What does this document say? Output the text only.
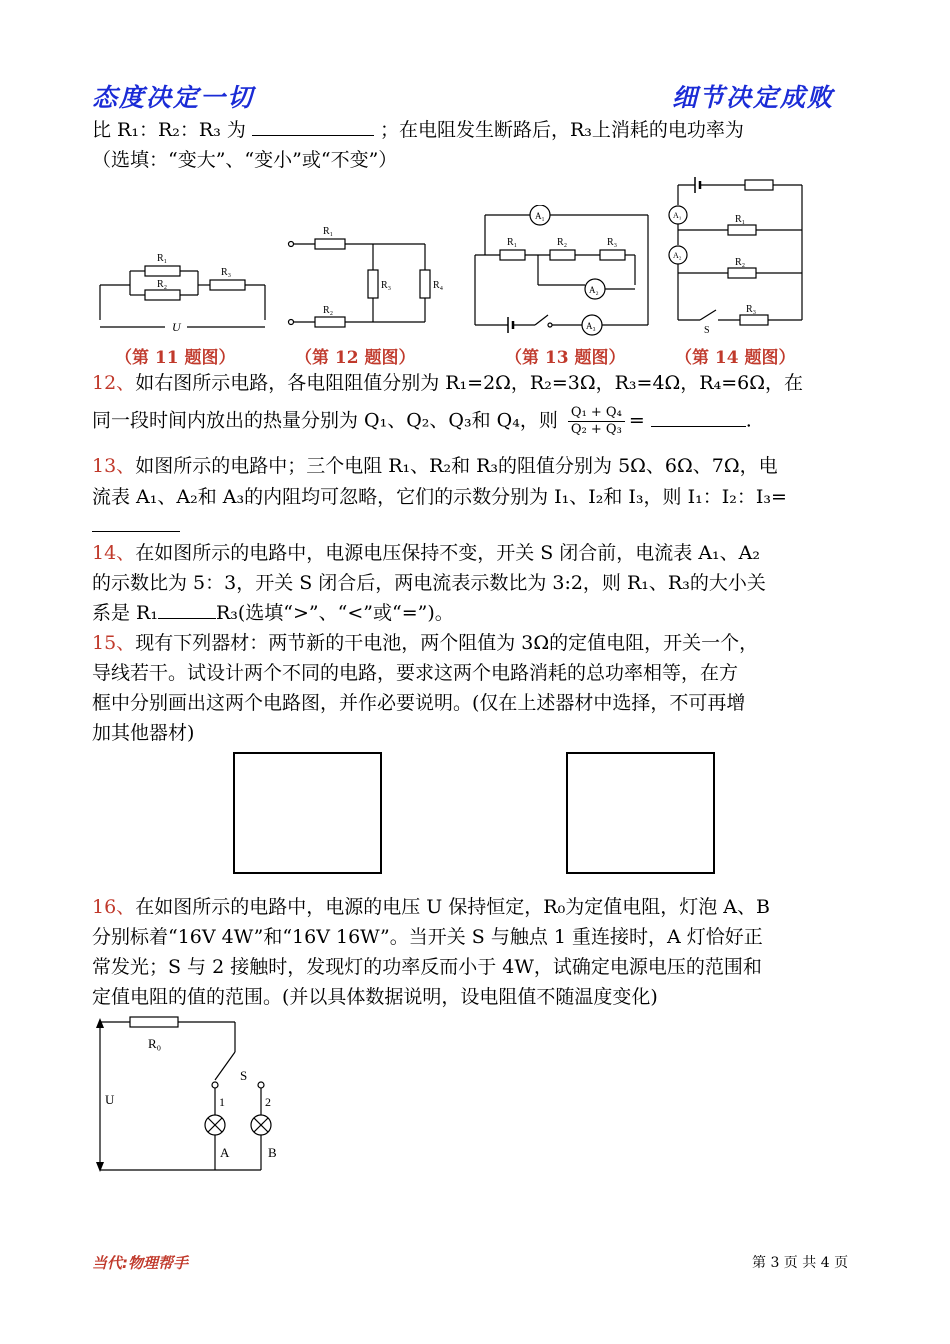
态度决定一切	细节决定成败
比 R₁：R₂：R₃ 为	；在电阻发生断路后，R₃上消耗的电功率为
（选填：“变大”、“变小”或“不变”）
R₁
R₂
R₃
U
R₁
R₂
R₃	R₄
A₁
R₁	R₂	R₃
A₂
A₃
A₁
A₂
R₁
R₂
R₃
S
（第 11 题图）	（第 12 题图）	（第 13 题图）	（第 14 题图）
12、如右图所示电路，各电阻阻值分别为 R₁=2Ω，R₂=3Ω，R₃=4Ω，R₄=6Ω，在
同一段时间内放出的热量分别为 Q₁、Q₂、Q₃和 Q₄，则 $\frac{\text{Q₁ + Q₄}}{\text{Q₂ + Q₃}}$ =	.
13、如图所示的电路中；三个电阻 R₁、R₂和 R₃的阻值分别为 5Ω、6Ω、7Ω，电
流表 A₁、A₂和 A₃的内阻均可忽略，它们的示数分别为 I₁、I₂和 I₃，则 I₁：I₂：I₃=
14、在如图所示的电路中，电源电压保持不变，开关 S 闭合前，电流表 A₁、A₂
的示数比为 5：3，开关 S 闭合后，两电流表示数比为 3:2，则 R₁、R₃的大小关
系是 R₁	R₃(选填“>”、“<”或“=”)。
15、现有下列器材：两节新的干电池，两个阻值为 3Ω的定值电阻，开关一个，
导线若干。试设计两个不同的电路，要求这两个电路消耗的总功率相等，在方
框中分别画出这两个电路图，并作必要说明。(仅在上述器材中选择，不可再增
加其他器材)
16、在如图所示的电路中，电源的电压 U 保持恒定，R₀为定值电阻，灯泡 A、B
分别标着“16V 4W”和“16V 16W”。当开关 S 与触点 1 重连接时，A 灯恰好正
常发光；S 与 2 接触时，发现灯的功率反而小于 4W，试确定电源电压的范围和
定值电阻的值的范围。(并以具体数据说明，设电阻值不随温度变化)
R₀
U
S
1	2
A	B
当代:物理帮手	第 3 页 共 4 页
